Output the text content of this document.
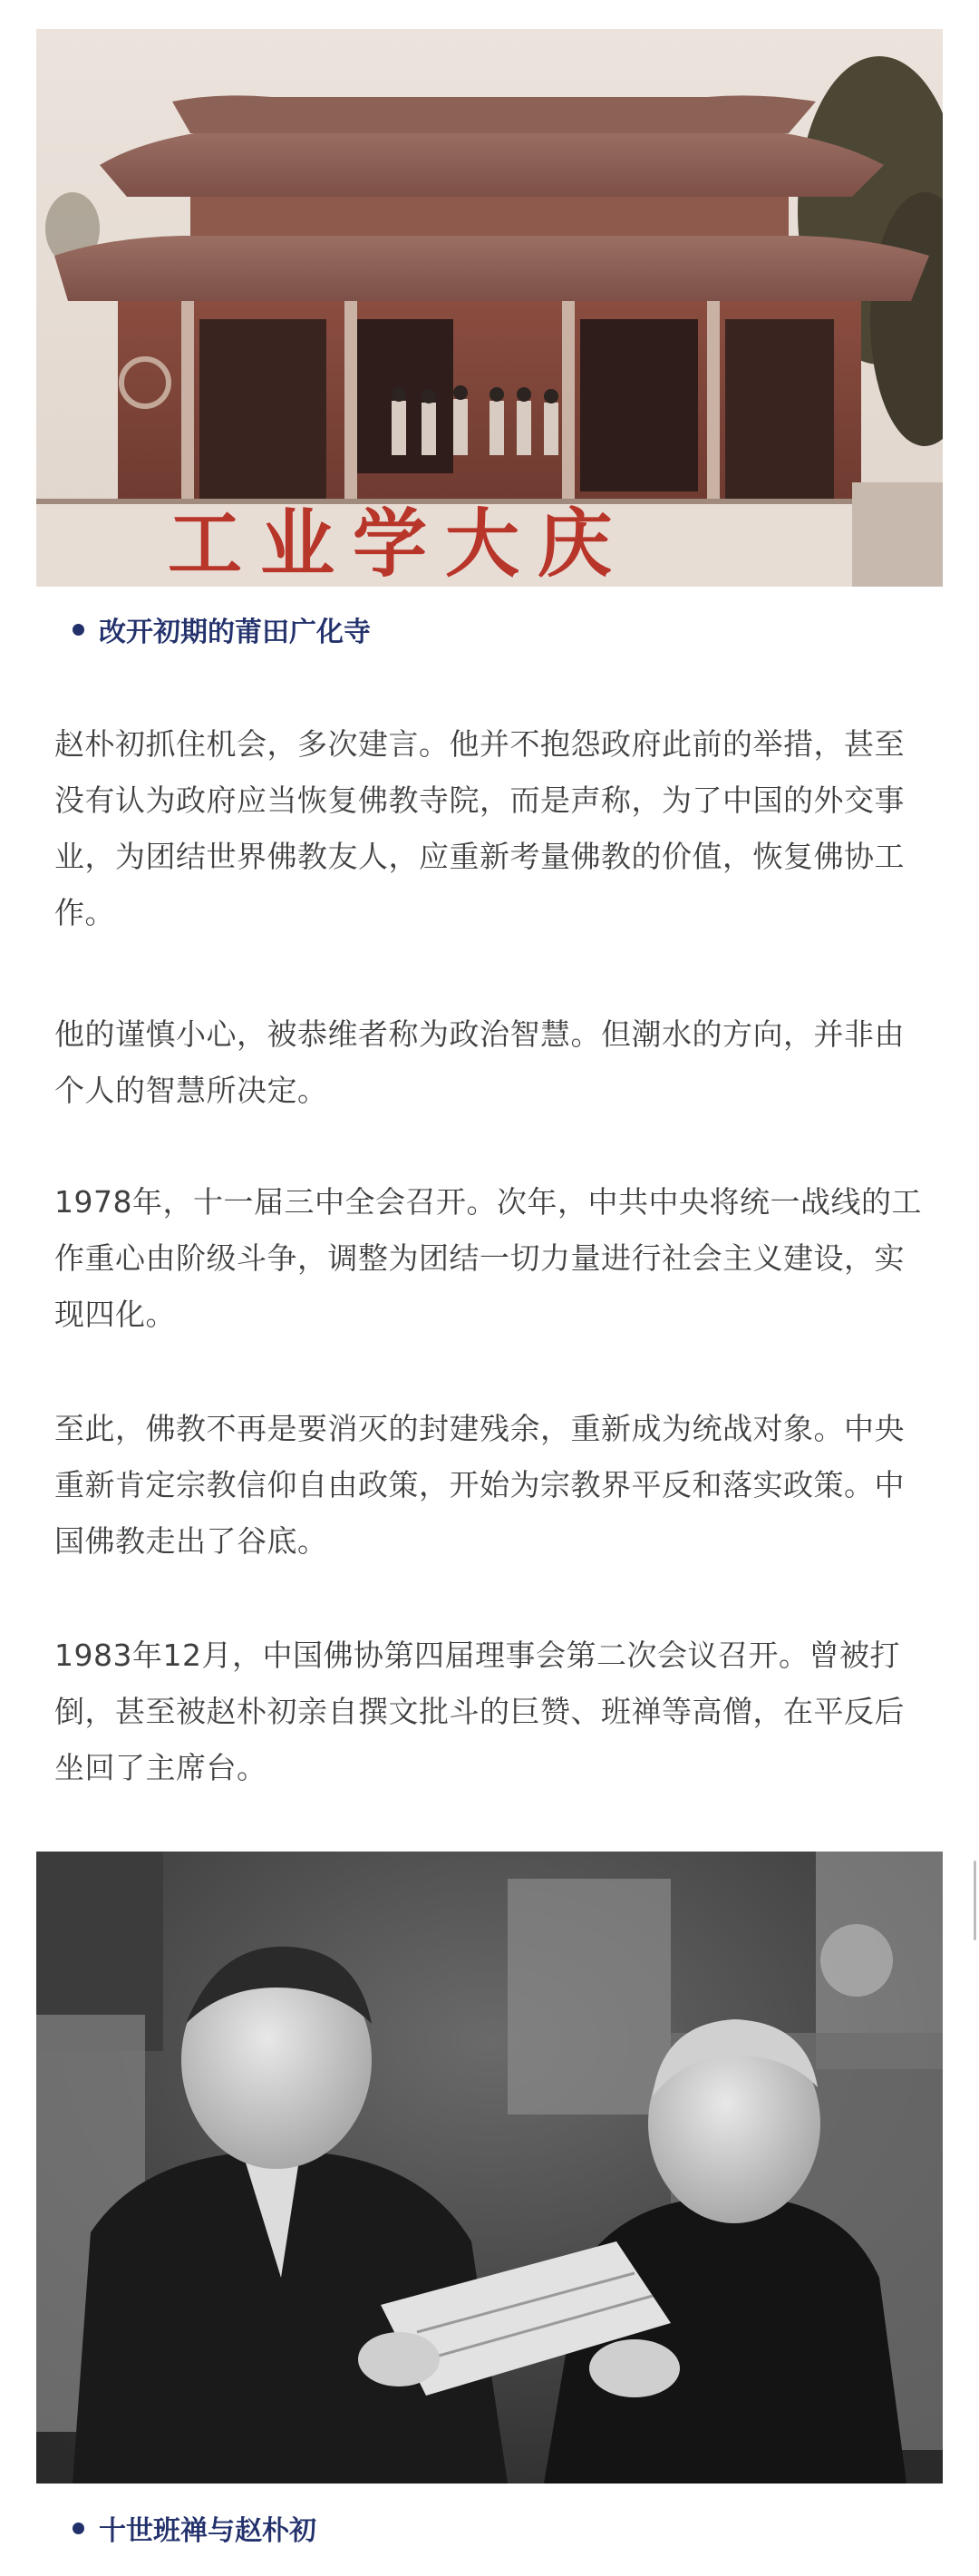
工业学大庆
改开初期的莆田广化寺

赵朴初抓住机会，多次建言。他并不抱怨政府此前的举措，甚至没有认为政府应当恢复佛教寺院，而是声称，为了中国的外交事业，为团结世界佛教友人，应重新考量佛教的价值，恢复佛协工作。

他的谨慎小心，被恭维者称为政治智慧。但潮水的方向，并非由个人的智慧所决定。

1978年，十一届三中全会召开。次年，中共中央将统一战线的工作重心由阶级斗争，调整为团结一切力量进行社会主义建设，实现四化。

至此，佛教不再是要消灭的封建残余，重新成为统战对象。中央重新肯定宗教信仰自由政策，开始为宗教界平反和落实政策。中国佛教走出了谷底。

1983年12月，中国佛协第四届理事会第二次会议召开。曾被打倒，甚至被赵朴初亲自撰文批斗的巨赞、班禅等高僧，在平反后坐回了主席台。

十世班禅与赵朴初
